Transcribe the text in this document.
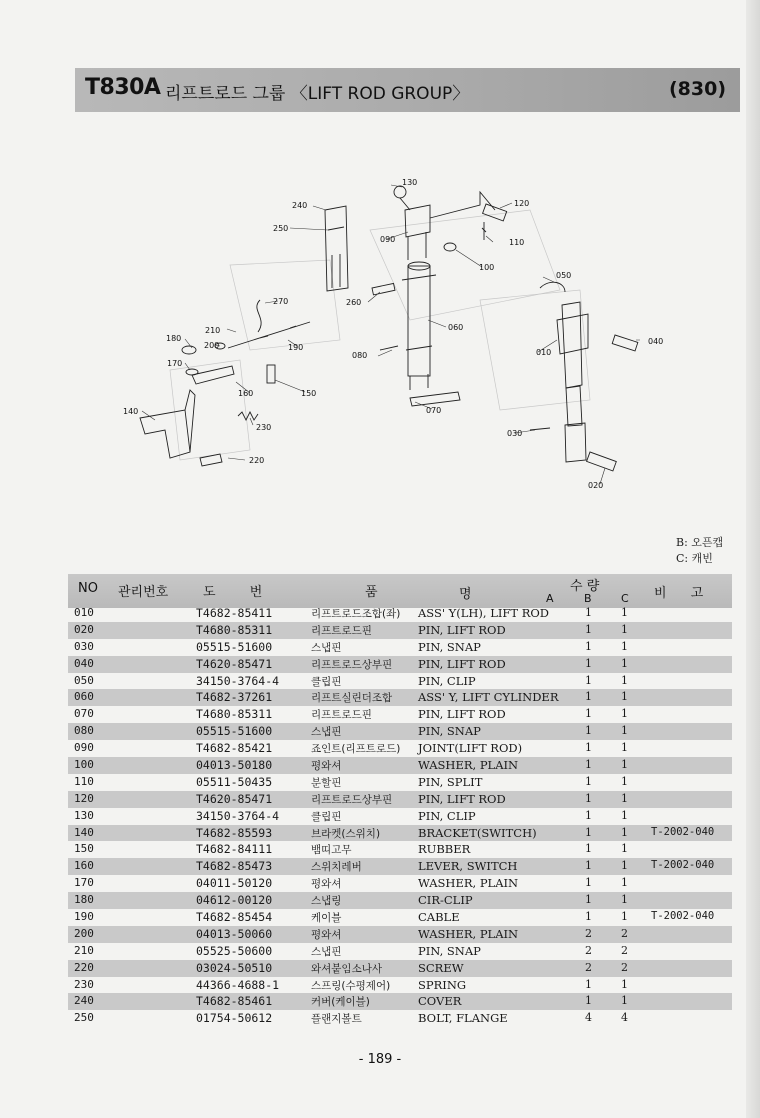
T830A 리프트로드 그룹 〈LIFT ROD GROUP〉	(830)
130
240
250
120
090	110
100
050
270	260
060
040
210
180
200	190
010
170
080
160	150
070
140
230
030
220
020
B: 오픈캡
C: 캐빈
NO 관리번호	도 번	품	명
수 량
A	B	C 비 고
010	T4682-85411	리프트로드조합(좌) ASS' Y(LH), LIFT ROD	1	1
020	T4680-85311	리프트로드핀	PIN, LIFT ROD	1	1
030	05515-51600	스냅핀	PIN, SNAP	1	1
040	T4620-85471	리프트로드상부핀 PIN, LIFT ROD	1	1
050	34150-3764-4	클립핀	PIN, CLIP	1	1
060	T4682-37261	리프트실린더조합 ASS' Y, LIFT CYLINDER 1	1
070	T4680-85311	리프트로드핀	PIN, LIFT ROD	1	1
080	05515-51600	스냅핀	PIN, SNAP	1	1
090	T4682-85421	죠인트(리프트로드) JOINT(LIFT ROD)	1	1
100	04013-50180	평와셔	WASHER, PLAIN	1	1
110	05511-50435	분할핀	PIN, SPLIT	1	1
120	T4620-85471	리프트로드상부핀 PIN, LIFT ROD	1	1
130	34150-3764-4	클립핀	PIN, CLIP	1	1
140	T4682-85593	브라켓(스위치)	BRACKET(SWITCH)	1	1 T-2002-040
150	T4682-84111	뱀띠고무	RUBBER	1	1
160	T4682-85473	스위치레버	LEVER, SWITCH	1	1 T-2002-040
170	04011-50120	평와셔	WASHER, PLAIN	1	1
180	04612-00120	스냅링	CIR-CLIP	1	1
190	T4682-85454	케이블	CABLE	1	1 T-2002-040
200	04013-50060	평와셔	WASHER, PLAIN	2	2
210	05525-50600	스냅핀	PIN, SNAP	2	2
220	03024-50510	와셔붙임소나사	SCREW	2	2
230	44366-4688-1	스프링(수평제어) SPRING	1	1
240	T4682-85461	커버(케이블)	COVER	1	1
250	01754-50612	플랜지볼트	BOLT, FLANGE	4	4
- 189 -
